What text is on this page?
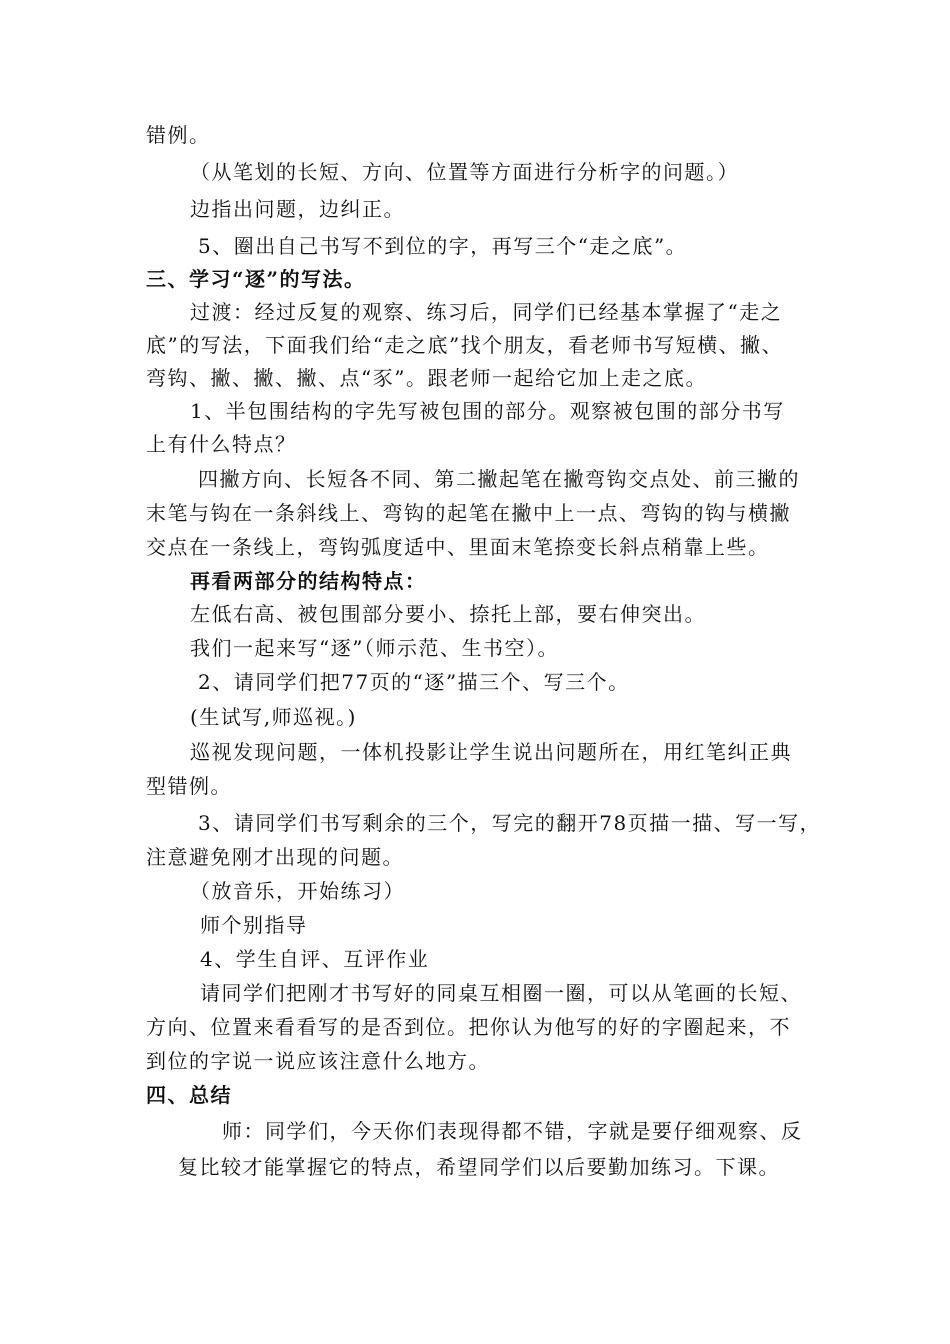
错例。
（从笔划的长短、方向、位置等方面进行分析字的问题。）
边指出问题，边纠正。
5、圈出自己书写不到位的字，再写三个“走之底”。
三、学习“逐”的写法。
过渡：经过反复的观察、练习后，同学们已经基本掌握了“走之
底”的写法，下面我们给“走之底”找个朋友，看老师书写短横、撇、
弯钩、撇、撇、撇、点“豕”。跟老师一起给它加上走之底。
1、半包围结构的字先写被包围的部分。观察被包围的部分书写
上有什么特点？
四撇方向、长短各不同、第二撇起笔在撇弯钩交点处、前三撇的
末笔与钩在一条斜线上、弯钩的起笔在撇中上一点、弯钩的钩与横撇
交点在一条线上，弯钩弧度适中、里面末笔捺变长斜点稍靠上些。
再看两部分的结构特点：
左低右高、被包围部分要小、捺托上部，要右伸突出。
我们一起来写“逐”（师示范、生书空）。
2、请同学们把77页的“逐”描三个、写三个。
(生试写,师巡视。)
巡视发现问题，一体机投影让学生说出问题所在，用红笔纠正典
型错例。
3、请同学们书写剩余的三个，写完的翻开78页描一描、写一写，
注意避免刚才出现的问题。
（放音乐，开始练习）
师个别指导
4、学生自评、互评作业
请同学们把刚才书写好的同桌互相圈一圈，可以从笔画的长短、
方向、位置来看看写的是否到位。把你认为他写的好的字圈起来，不
到位的字说一说应该注意什么地方。
四、总结
师：同学们，今天你们表现得都不错，字就是要仔细观察、反
复比较才能掌握它的特点，希望同学们以后要勤加练习。下课。
